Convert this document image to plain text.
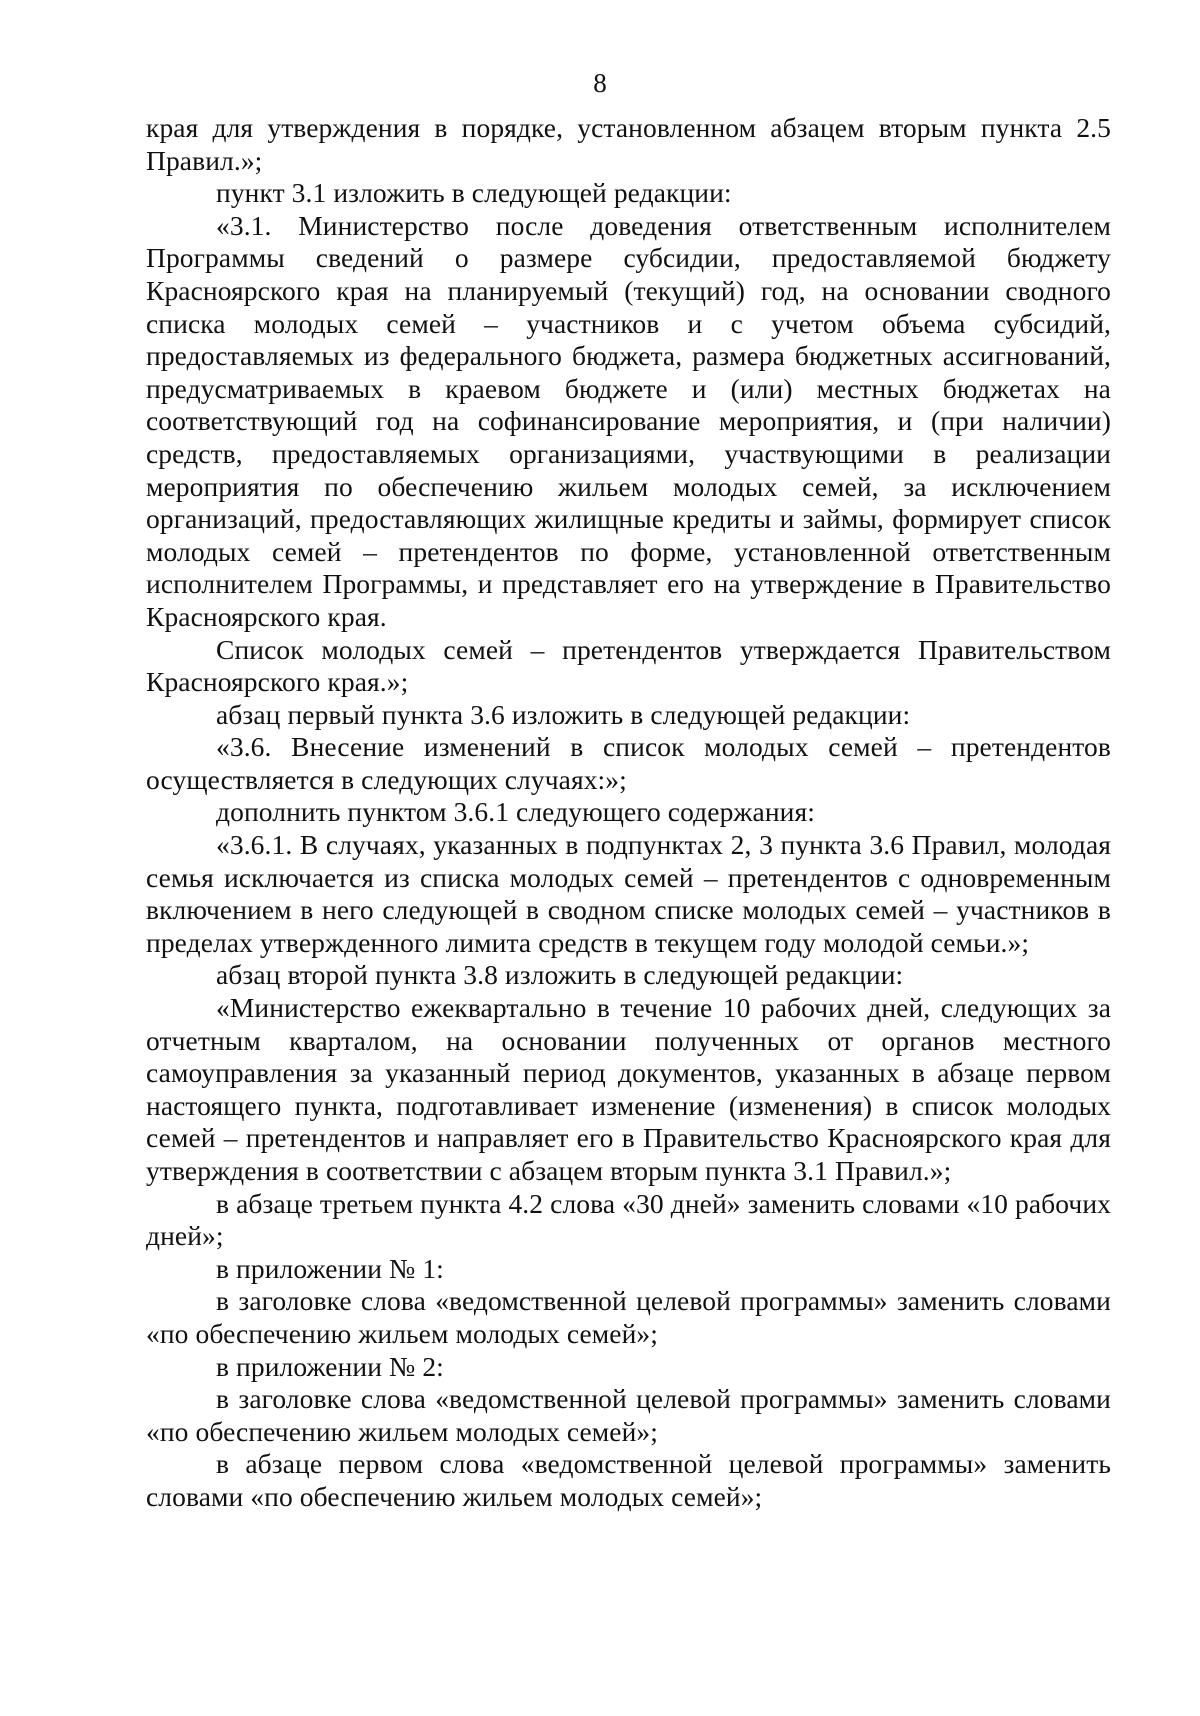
8

края для утверждения в порядке, установленном абзацем вторым пункта 2.5 Правил.»;

пункт 3.1 изложить в следующей редакции:

«3.1. Министерство после доведения ответственным исполнителем Программы сведений о размере субсидии, предоставляемой бюджету Красноярского края на планируемый (текущий) год, на основании сводного списка молодых семей – участников и с учетом объема субсидий, предоставляемых из федерального бюджета, размера бюджетных ассигнований, предусматриваемых в краевом бюджете и (или) местных бюджетах на соответствующий год на софинансирование мероприятия, и (при наличии) средств, предоставляемых организациями, участвующими в реализации мероприятия по обеспечению жильем молодых семей, за исключением организаций, предоставляющих жилищные кредиты и займы, формирует список молодых семей – претендентов по форме, установленной ответственным исполнителем Программы, и представляет его на утверждение в Правительство Красноярского края.

Список молодых семей – претендентов утверждается Правительством Красноярского края.»;

абзац первый пункта 3.6 изложить в следующей редакции:

«3.6. Внесение изменений в список молодых семей – претендентов осуществляется в следующих случаях:»;

дополнить пунктом 3.6.1 следующего содержания:

«3.6.1. В случаях, указанных в подпунктах 2, 3 пункта 3.6 Правил, молодая семья исключается из списка молодых семей – претендентов с одновременным включением в него следующей в сводном списке молодых семей – участников в пределах утвержденного лимита средств в текущем году молодой семьи.»;

абзац второй пункта 3.8 изложить в следующей редакции:

«Министерство ежеквартально в течение 10 рабочих дней, следующих за отчетным кварталом, на основании полученных от органов местного самоуправления за указанный период документов, указанных в абзаце первом настоящего пункта, подготавливает изменение (изменения) в список молодых семей – претендентов и направляет его в Правительство Красноярского края для утверждения в соответствии с абзацем вторым пункта 3.1 Правил.»;

в абзаце третьем пункта 4.2 слова «30 дней» заменить словами «10 рабочих дней»;

в приложении № 1:

в заголовке слова «ведомственной целевой программы» заменить словами «по обеспечению жильем молодых семей»;

в приложении № 2:

в заголовке слова «ведомственной целевой программы» заменить словами «по обеспечению жильем молодых семей»;

в абзаце первом слова «ведомственной целевой программы» заменить словами «по обеспечению жильем молодых семей»;
